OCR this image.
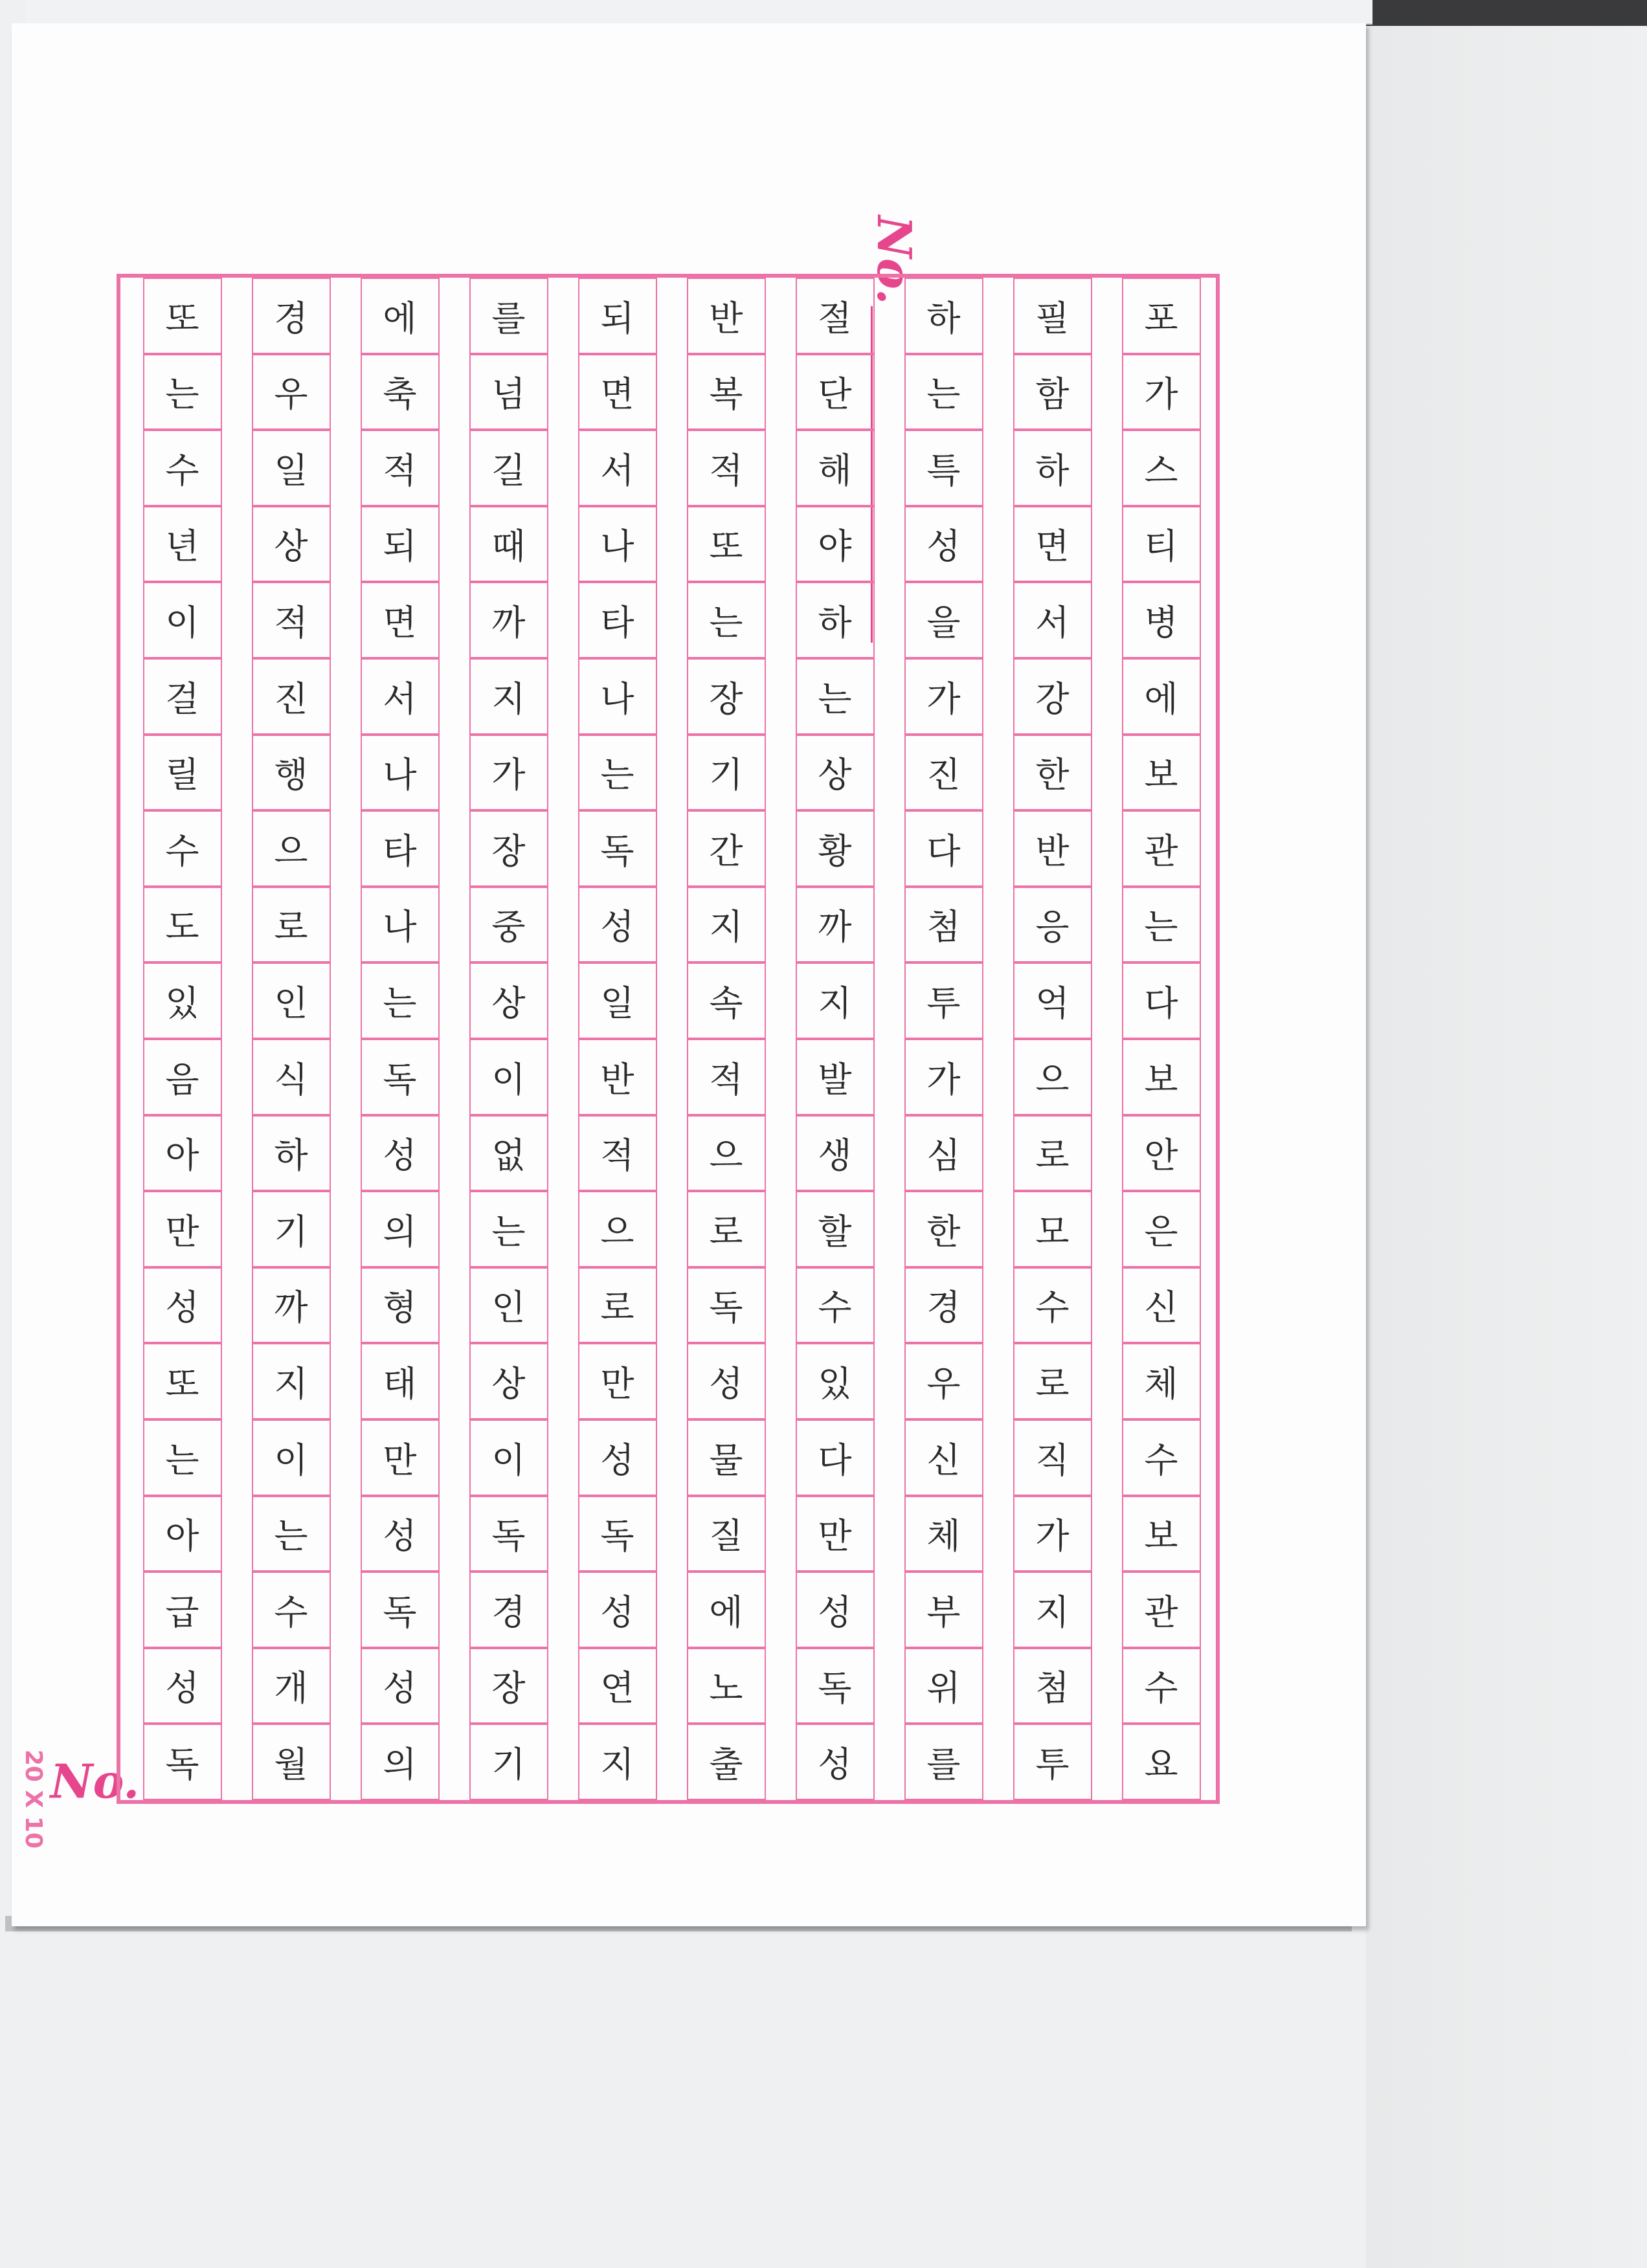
No.
No.
포
가
스
티
병
에
보
관
는
다
보
안
은
신
체
수
보
관
수
요
필
함
하
면
서
강
한
반
응
억
으
로
모
수
로
직
가
지
첨
투
하
는
특
성
을
가
진
다
첨
투
가
심
한
경
우
신
체
부
위
를
절
단
해
야
하
는
상
황
까
지
발
생
할
수
있
다
만
성
독
성
반
복
적
또
는
장
기
간
지
속
적
으
로
독
성
물
질
에
노
출
되
면
서
나
타
나
는
독
성
일
반
적
으
로
만
성
독
성
연
지
를
넘
길
때
까
지
가
장
중
상
이
없
는
인
상
이
독
경
장
기
에
축
적
되
면
서
나
타
나
는
독
성
의
형
태
만
성
독
성
의
경
우
일
상
적
진
행
으
로
인
식
하
기
까
지
이
는
수
개
월
또
는
수
년
이
걸
릴
수
도
있
음
아
만
성
또
는
아
급
성
독
20 X 10
